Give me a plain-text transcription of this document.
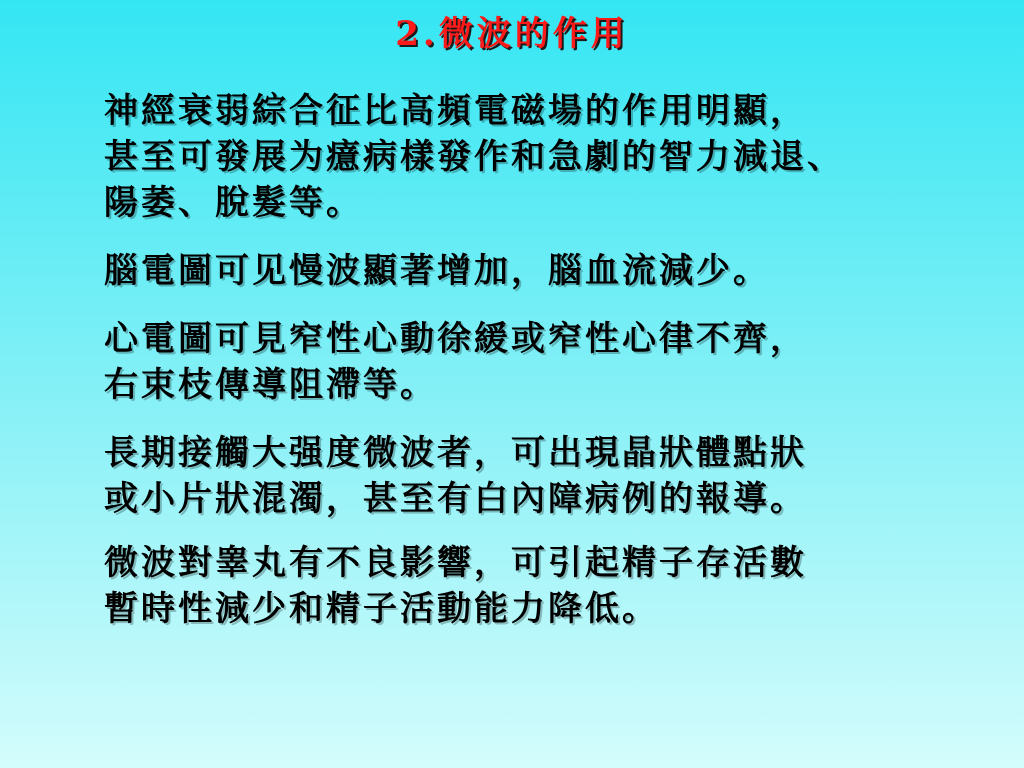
2.微波的作用

神經衰弱綜合征比高頻電磁場的作用明顯，
甚至可發展为癔病樣發作和急劇的智力減退、
陽萎、脫髮等。

腦電圖可见慢波顯著增加，腦血流減少。

心電圖可見窄性心動徐緩或窄性心律不齊，
右束枝傳導阻滯等。

長期接觸大强度微波者，可出現晶狀體點狀
或小片狀混濁，甚至有白內障病例的報導。

微波對睾丸有不良影響，可引起精子存活數
暫時性減少和精子活動能力降低。
